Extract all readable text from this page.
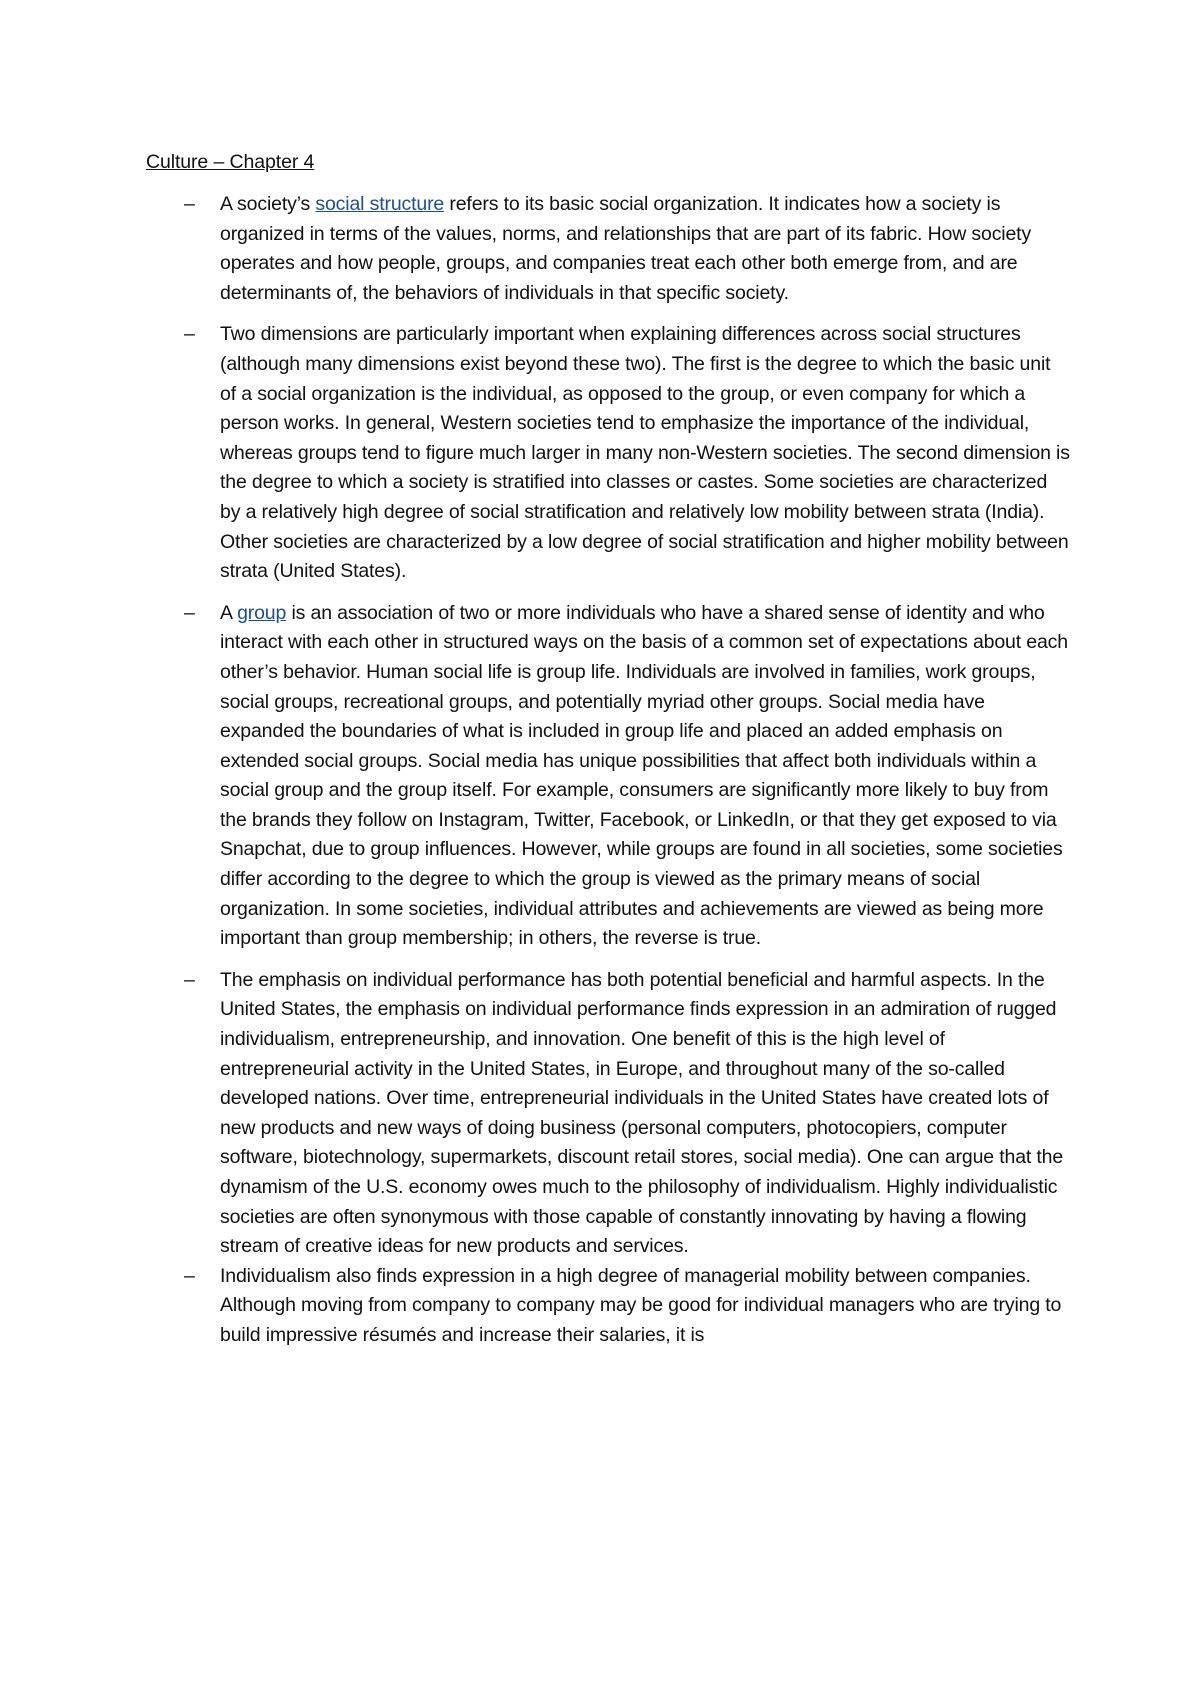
Culture – Chapter 4
– A society’s social structure refers to its basic social organization. It indicates how a society is organized in terms of the values, norms, and relationships that are part of its fabric. How society operates and how people, groups, and companies treat each other both emerge from, and are determinants of, the behaviors of individuals in that specific society.
– Two dimensions are particularly important when explaining differences across social structures (although many dimensions exist beyond these two). The first is the degree to which the basic unit of a social organization is the individual, as opposed to the group, or even company for which a person works. In general, Western societies tend to emphasize the importance of the individual, whereas groups tend to figure much larger in many non-Western societies. The second dimension is the degree to which a society is stratified into classes or castes. Some societies are characterized by a relatively high degree of social stratification and relatively low mobility between strata (India). Other societies are characterized by a low degree of social stratification and higher mobility between strata (United States).
– A group is an association of two or more individuals who have a shared sense of identity and who interact with each other in structured ways on the basis of a common set of expectations about each other’s behavior. Human social life is group life. Individuals are involved in families, work groups, social groups, recreational groups, and potentially myriad other groups. Social media have expanded the boundaries of what is included in group life and placed an added emphasis on extended social groups. Social media has unique possibilities that affect both individuals within a social group and the group itself. For example, consumers are significantly more likely to buy from the brands they follow on Instagram, Twitter, Facebook, or LinkedIn, or that they get exposed to via Snapchat, due to group influences. However, while groups are found in all societies, some societies differ according to the degree to which the group is viewed as the primary means of social organization. In some societies, individual attributes and achievements are viewed as being more important than group membership; in others, the reverse is true.
– The emphasis on individual performance has both potential beneficial and harmful aspects. In the United States, the emphasis on individual performance finds expression in an admiration of rugged individualism, entrepreneurship, and innovation. One benefit of this is the high level of entrepreneurial activity in the United States, in Europe, and throughout many of the so-called developed nations. Over time, entrepreneurial individuals in the United States have created lots of new products and new ways of doing business (personal computers, photocopiers, computer software, biotechnology, supermarkets, discount retail stores, social media). One can argue that the dynamism of the U.S. economy owes much to the philosophy of individualism. Highly individualistic societies are often synonymous with those capable of constantly innovating by having a flowing stream of creative ideas for new products and services.
– Individualism also finds expression in a high degree of managerial mobility between companies. Although moving from company to company may be good for individual managers who are trying to build impressive résumés and increase their salaries, it is
